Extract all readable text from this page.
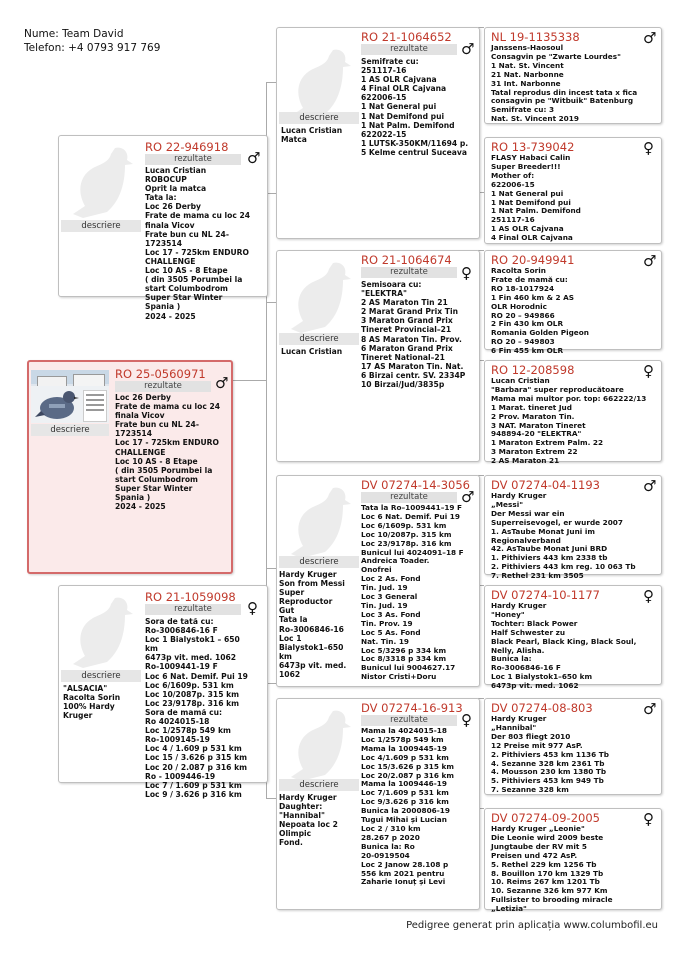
Nume: Team David
Telefon: +4 0793 917 769
descriere
RO 25-0560971 ♂
rezultate
Loc 26 Derby
Frate de mama cu loc 24
finala Vicov
Frate bun cu NL 24-
1723514
Loc 17 - 725km ENDURO
CHALLENGE
Loc 10 AS - 8 Etape
( din 3505 Porumbei la
start Columbodrom
Super Star Winter
Spania )
2024 - 2025
descriere
RO 22-946918
♂
rezultate
Lucan Cristian
ROBOCUP
Oprit la matca
Tata la:
Loc 26 Derby
Frate de mama cu loc 24
finala Vicov
Frate bun cu NL 24-
1723514
Loc 17 - 725km ENDURO
CHALLENGE
Loc 10 AS - 8 Etape
( din 3505 Porumbei la
start Columbodrom
Super Star Winter
Spania )
2024 - 2025
descriere
"ALSACIA"
Racolta Sorin
100% Hardy
Kruger
RO 21-1059098
♀
rezultate
Sora de tată cu:
Ro-3006846-16 F
Loc 1 Bialystok1 – 650
km
6473p vit. med. 1062
Ro-1009441-19 F
Loc 6 Nat. Demif. Pui 19
Loc 6/1609p. 531 km
Loc 10/2087p. 315 km
Loc 23/9178p. 316 km
Sora de mamă cu:
Ro 4024015-18
Loc 1/2578p 549 km
Ro-1009145-19
Loc 4 / 1.609 p 531 km
Loc 15 / 3.626 p 315 km
Loc 20 / 2.087 p 316 km
Ro - 1009446-19
Loc 7 / 1.609 p 531 km
Loc 9 / 3.626 p 316 km
descriere
Lucan Cristian
Matca
RO 21-1064652
♂
rezultate
Semifrate cu:
251117-16
1 AS OLR Cajvana
4 Final OLR Cajvana
622006-15
1 Nat General pui
1 Nat Demifond pui
1 Nat Palm. Demifond
622022-15
1 LUTSK-350KM/11694 p.
5 Kelme centrul Suceava
descriere
Lucan Cristian
RO 21-1064674
♀
rezultate
Semisoara cu:
"ELEKTRA"
2 AS Maraton Tin 21
2 Marat Grand Prix Tin
3 Maraton Grand Prix
Tineret Provincial–21
8 AS Maraton Tin. Prov.
6 Maraton Grand Prix
Tineret National–21
17 AS Maraton Tin. Nat.
6 Birzai centr. SV. 2334P
10 Birzai/Jud/3835p
descriere
Hardy Kruger
Son from Messi
Super
Reproductor
Gut
Tata la
Ro-3006846-16
Loc 1
Bialystok1–650
km
6473p vit. med.
1062
DV 07274-14-3056
♂
rezultate
Tata la Ro–1009441–19 F
Loc 6 Nat. Demif. Pui 19
Loc 6/1609p. 531 km
Loc 10/2087p. 315 km
Loc 23/9178p. 316 km
Bunicul lui 4024091–18 F
Andreica Toader.
Onofrei
Loc 2 As. Fond
Tin. Jud. 19
Loc 3 General
Tin. Jud. 19
Loc 3 As. Fond
Tin. Prov. 19
Loc 5 As. Fond
Nat. Tin. 19
Loc 5/3296 p 334 km
Loc 8/3318 p 334 km
Bunicul lui 9004627.17
Nistor Cristi+Doru
descriere
Hardy Kruger
Daughter:
"Hannibal"
Nepoata loc 2
Olimpic
Fond.
DV 07274-16-913
♀
rezultate
Mama la 4024015-18
Loc 1/2578p 549 km
Mama la 1009445-19
Loc 4/1.609 p 531 km
Loc 15/3.626 p 315 km
Loc 20/2.087 p 316 km
Mama la 1009446-19
Loc 7/1.609 p 531 km
Loc 9/3.626 p 316 km
Bunica la 2000806-19
Tugui Mihai și Lucian
Loc 2 / 310 km
28.267 p 2020
Bunica la: Ro
20-0919504
Loc 2 Janow 28.108 p
556 km 2021 pentru
Zaharie Ionuț și Levi
NL 19-1135338	♂
Janssens-Haosoul
Consagvin pe "Zwarte Lourdes"
1 Nat. St. Vincent
21 Nat. Narbonne
31 Int. Narbonne
Tatal reprodus din incest tata x fica
consagvin pe "Witbuik" Batenburg
Semifrate cu: 3
Nat. St. Vincent 2019
RO 13-739042	♀
FLASY Habaci Calin
Super Breeder!!!
Mother of:
622006-15
1 Nat General pui
1 Nat Demifond pui
1 Nat Palm. Demifond
251117-16
1 AS OLR Cajvana
4 Final OLR Cajvana
RO 20-949941	♂
Racolta Sorin
Frate de mamă cu:
RO 18-1017924
1 Fin 460 km & 2 AS
OLR Horodnic
RO 20 – 949866
2 Fin 430 km OLR
Romania Golden Pigeon
RO 20 – 949803
6 Fin 455 km OLR
RO 12-208598	♀
Lucan Cristian
"Barbara" super reproducătoare
Mama mai multor por. top: 662222/13
1 Marat. tineret Jud
2 Prov. Maraton Tin.
3 NAT. Maraton Tineret
948894-20 "ELEKTRA"
1 Maraton Extrem Palm. 22
3 Maraton Extrem 22
2 AS Maraton 21
DV 07274-04-1193	♂
Hardy Kruger
„Messi"
Der Messi war ein
Superreisevogel, er wurde 2007
1. AsTaube Monat Juni im
Regionalverband
42. AsTaube Monat Juni BRD
1. Pithiviers 443 km 2338 tb
2. Pithiviers 443 km reg. 10 063 Tb
7. Rethel 231 km 3505
DV 07274-10-1177	♀
Hardy Kruger
"Honey"
Tochter: Black Power
Half Schwester zu
Black Pearl, Black King, Black Soul,
Nelly, Alisha.
Bunica la:
Ro-3006846-16 F
Loc 1 Bialystok1–650 km
6473p vit. med. 1062
DV 07274-08-803	♂
Hardy Kruger
„Hannibal"
Der 803 fliegt 2010
12 Preise mit 977 AsP.
2. Pithiviers 453 km 1136 Tb
4. Sezanne 328 km 2361 Tb
4. Mousson 230 km 1380 Tb
5. Pithiviers 453 km 949 Tb
7. Sezanne 328 km
DV 07274-09-2005	♀
Hardy Kruger „Leonie"
Die Leonie wird 2009 beste
Jungtaube der RV mit 5
Preisen und 472 AsP.
5. Rethel 229 km 1256 Tb
8. Bouillon 170 km 1329 Tb
10. Reims 267 km 1201 Tb
10. Sezanne 326 km 977 Km
Fullsister to brooding miracle
„Letizia"
Pedigree generat prin aplicația www.columbofil.eu
